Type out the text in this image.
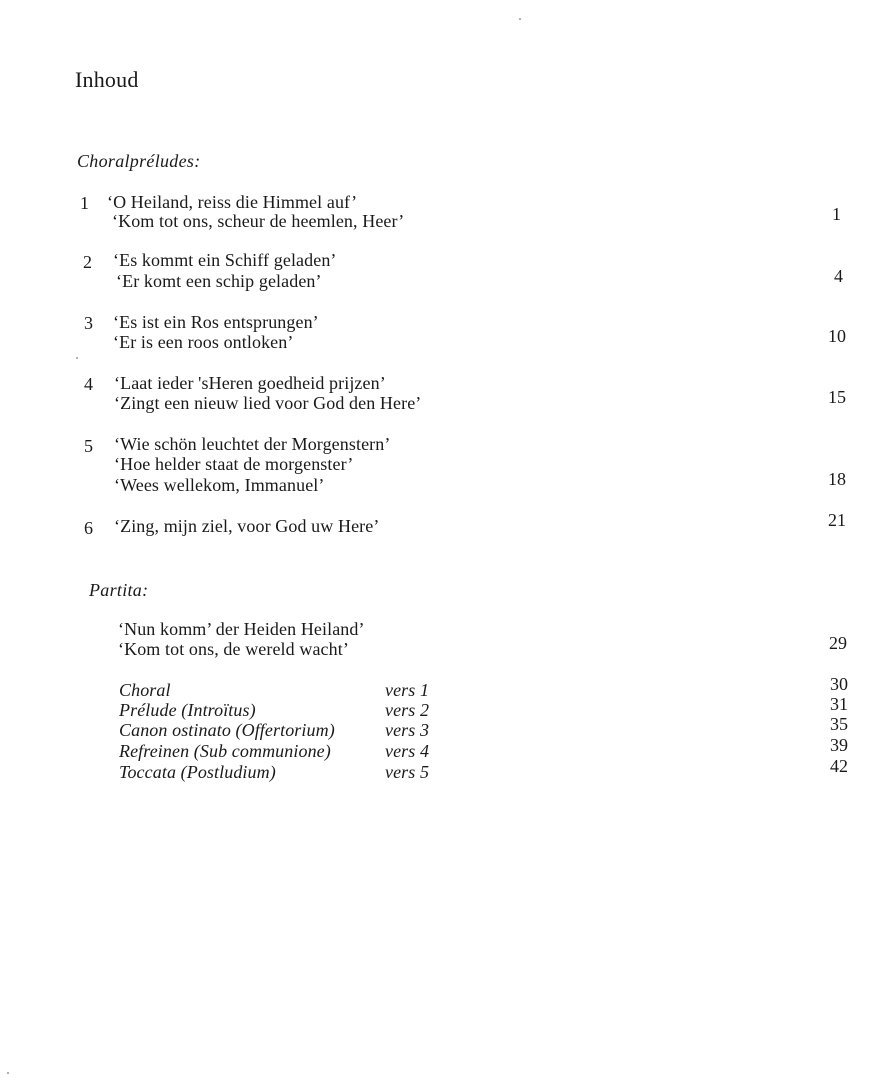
Inhoud
Choralpréludes:
1 ‘O Heiland, reiss die Himmel auf’
‘Kom tot ons, scheur de heemlen, Heer’	1
2 ‘Es kommt ein Schiff geladen’
‘Er komt een schip geladen’	4
3 ‘Es ist ein Ros entsprungen’
‘Er is een roos ontloken’	10
4 ‘Laat ieder 'sHeren goedheid prijzen’
‘Zingt een nieuw lied voor God den Here’	15
5 ‘Wie schön leuchtet der Morgenstern’
‘Hoe helder staat de morgenster’
‘Wees wellekom, Immanuel’	18
6 ‘Zing, mijn ziel, voor God uw Here’	21
Partita:
‘Nun komm’ der Heiden Heiland’
‘Kom tot ons, de wereld wacht’	29
Choral	vers 1	30
Prélude (Introïtus)	vers 2	31
Canon ostinato (Offertorium)	vers 3	35
Refreinen (Sub communione)	vers 4	39
Toccata (Postludium)	vers 5	42
